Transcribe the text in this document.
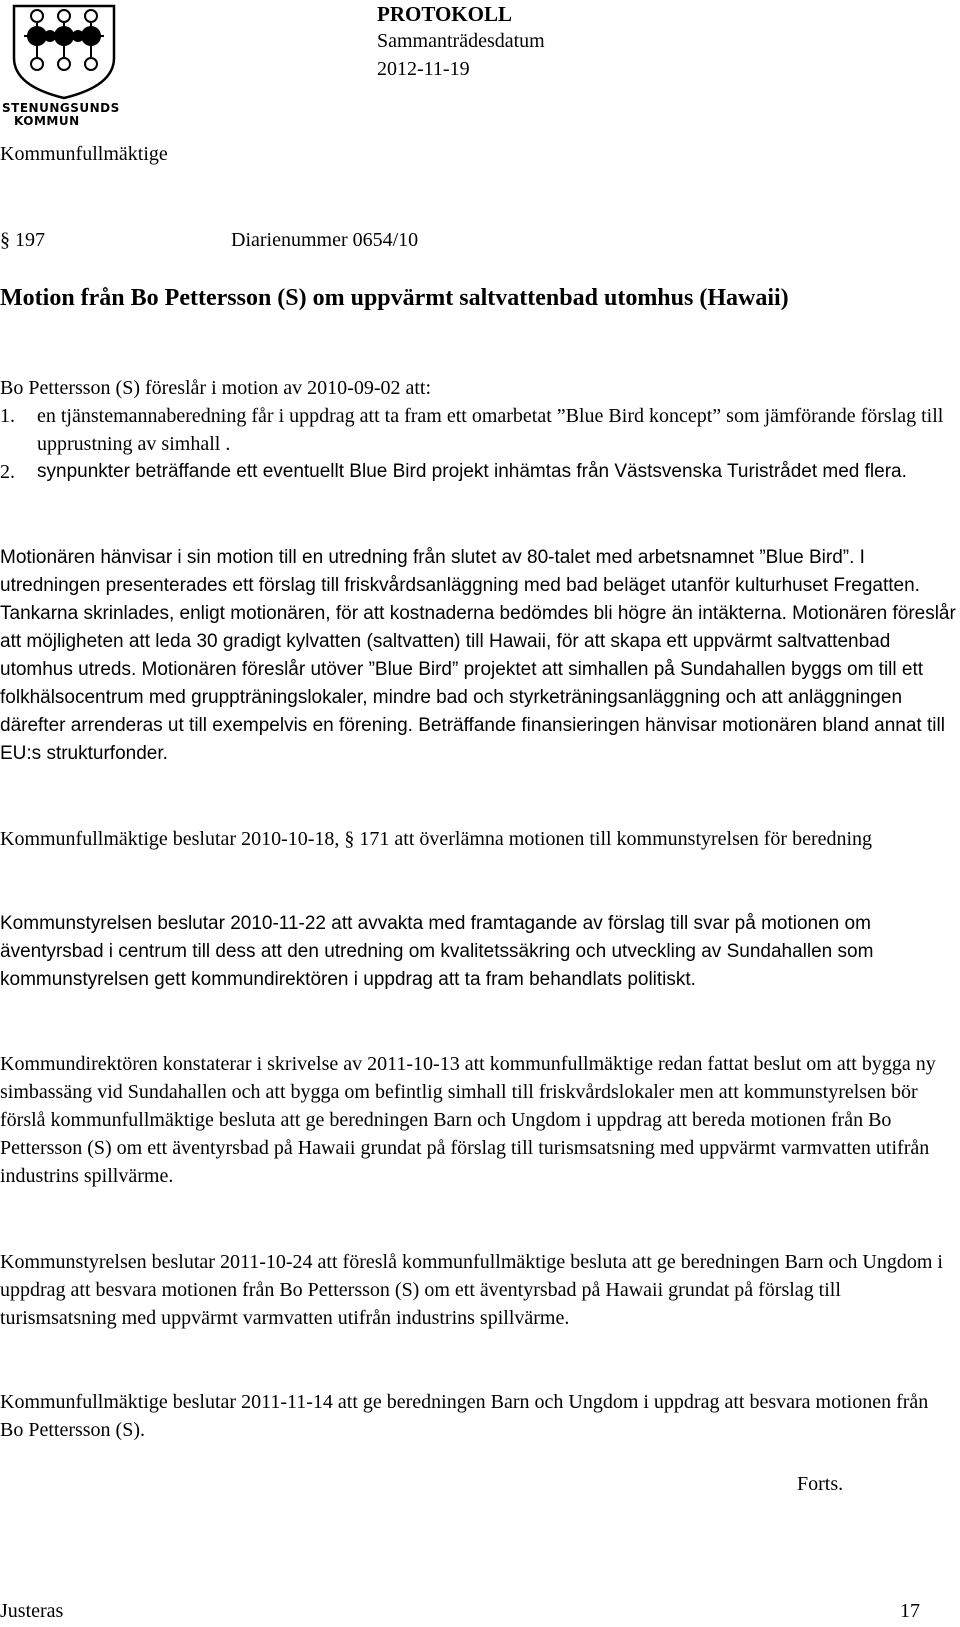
STENUNGSUNDS
KOMMUN
PROTOKOLL
Sammanträdesdatum
2012-11-19
Kommunfullmäktige
§ 197	Diarienummer 0654/10
Motion från Bo Pettersson (S) om uppvärmt saltvattenbad utomhus (Hawaii)

Bo Pettersson (S) föreslår i motion av 2010-09-02 att:

1. en tjänstemannaberedning får i uppdrag att ta fram ett omarbetat ”Blue Bird koncept” som jämförande förslag till upprustning av simhall .
2. synpunkter beträffande ett eventuellt Blue Bird projekt inhämtas från Västsvenska Turistrådet med flera.

Motionären hänvisar i sin motion till en utredning från slutet av 80-talet med arbetsnamnet ”Blue Bird”. I utredningen presenterades ett förslag till friskvårdsanläggning med bad beläget utanför kulturhuset Fregatten. Tankarna skrinlades, enligt motionären, för att kostnaderna bedömdes bli högre än intäkterna. Motionären föreslår att möjligheten att leda 30 gradigt kylvatten (saltvatten) till Hawaii, för att skapa ett uppvärmt saltvattenbad utomhus utreds. Motionären föreslår utöver ”Blue Bird” projektet att simhallen på Sundahallen byggs om till ett folkhälsocentrum med gruppträningslokaler, mindre bad och styrketräningsanläggning och att anläggningen därefter arrenderas ut till exempelvis en förening. Beträffande finansieringen hänvisar motionären bland annat till EU:s strukturfonder.

Kommunfullmäktige beslutar 2010-10-18, § 171 att överlämna motionen till kommunstyrelsen för beredning

Kommunstyrelsen beslutar 2010-11-22 att avvakta med framtagande av förslag till svar på motionen om äventyrsbad i centrum till dess att den utredning om kvalitetssäkring och utveckling av Sundahallen som kommunstyrelsen gett kommundirektören i uppdrag att ta fram behandlats politiskt.

Kommundirektören konstaterar i skrivelse av 2011-10-13 att kommunfullmäktige redan fattat beslut om att bygga ny simbassäng vid Sundahallen och att bygga om befintlig simhall till friskvårdslokaler men att kommunstyrelsen bör förslå kommunfullmäktige besluta att ge beredningen Barn och Ungdom i uppdrag att bereda motionen från Bo Pettersson (S) om ett äventyrsbad på Hawaii grundat på förslag till turismsatsning med uppvärmt varmvatten utifrån industrins spillvärme.

Kommunstyrelsen beslutar 2011-10-24 att föreslå kommunfullmäktige besluta att ge beredningen Barn och Ungdom i uppdrag att besvara motionen från Bo Pettersson (S) om ett äventyrsbad på Hawaii grundat på förslag till turismsatsning med uppvärmt varmvatten utifrån industrins spillvärme.

Kommunfullmäktige beslutar 2011-11-14 att ge beredningen Barn och Ungdom i uppdrag att besvara motionen från Bo Pettersson (S).

Forts.
Justeras	17
